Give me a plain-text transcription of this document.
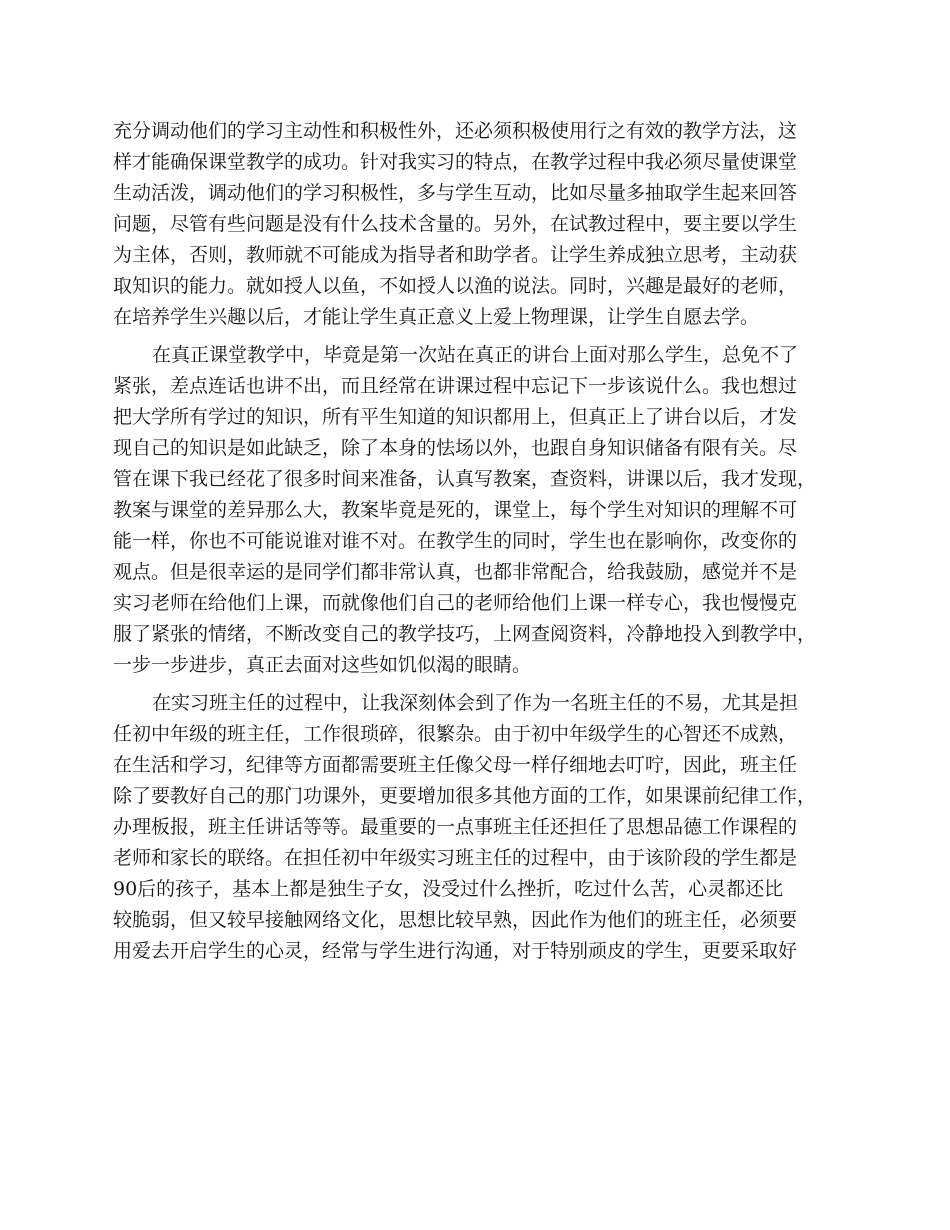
充分调动他们的学习主动性和积极性外，还必须积极使用行之有效的教学方法，这
样才能确保课堂教学的成功。针对我实习的特点，在教学过程中我必须尽量使课堂
生动活泼，调动他们的学习积极性，多与学生互动，比如尽量多抽取学生起来回答
问题，尽管有些问题是没有什么技术含量的。另外，在试教过程中，要主要以学生
为主体，否则，教师就不可能成为指导者和助学者。让学生养成独立思考，主动获
取知识的能力。就如授人以鱼，不如授人以渔的说法。同时，兴趣是最好的老师，
在培养学生兴趣以后，才能让学生真正意义上爱上物理课，让学生自愿去学。
在真正课堂教学中，毕竟是第一次站在真正的讲台上面对那么学生，总免不了
紧张，差点连话也讲不出，而且经常在讲课过程中忘记下一步该说什么。我也想过
把大学所有学过的知识，所有平生知道的知识都用上，但真正上了讲台以后，才发
现自己的知识是如此缺乏，除了本身的怯场以外，也跟自身知识储备有限有关。尽
管在课下我已经花了很多时间来准备，认真写教案，查资料，讲课以后，我才发现，
教案与课堂的差异那么大，教案毕竟是死的，课堂上，每个学生对知识的理解不可
能一样，你也不可能说谁对谁不对。在教学生的同时，学生也在影响你，改变你的
观点。但是很幸运的是同学们都非常认真，也都非常配合，给我鼓励，感觉并不是
实习老师在给他们上课，而就像他们自己的老师给他们上课一样专心，我也慢慢克
服了紧张的情绪，不断改变自己的教学技巧，上网查阅资料，冷静地投入到教学中，
一步一步进步，真正去面对这些如饥似渴的眼睛。
在实习班主任的过程中，让我深刻体会到了作为一名班主任的不易，尤其是担
任初中年级的班主任，工作很琐碎，很繁杂。由于初中年级学生的心智还不成熟，
在生活和学习，纪律等方面都需要班主任像父母一样仔细地去叮咛，因此，班主任
除了要教好自己的那门功课外，更要增加很多其他方面的工作，如果课前纪律工作，
办理板报，班主任讲话等等。最重要的一点事班主任还担任了思想品德工作课程的
老师和家长的联络。在担任初中年级实习班主任的过程中，由于该阶段的学生都是
90后的孩子，基本上都是独生子女，没受过什么挫折，吃过什么苦，心灵都还比
较脆弱，但又较早接触网络文化，思想比较早熟，因此作为他们的班主任，必须要
用爱去开启学生的心灵，经常与学生进行沟通，对于特别顽皮的学生，更要采取好
